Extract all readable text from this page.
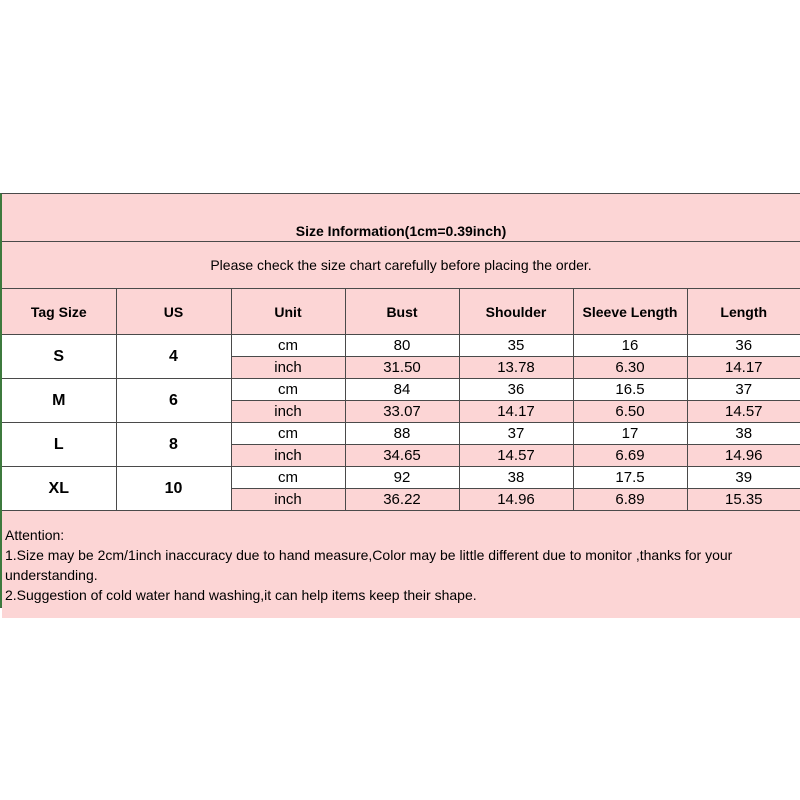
Size Information(1cm=0.39inch)						
Please check the size chart carefully before placing the order.						
Tag Size	US	Unit	Bust	Shoulder	Sleeve Length	Length
S	4	cm	80	35	16	36
		inch	31.50	13.78	6.30	14.17
M	6	cm	84	36	16.5	37
		inch	33.07	14.17	6.50	14.57
L	8	cm	88	37	17	38
		inch	34.65	14.57	6.69	14.96
XL	10	cm	92	38	17.5	39
		inch	36.22	14.96	6.89	15.35

Attention:
1.Size may be 2cm/1inch inaccuracy due to hand measure,Color may be little different due to monitor ,thanks for your understanding.
2.Suggestion of cold water hand washing,it can help items keep their shape.						
